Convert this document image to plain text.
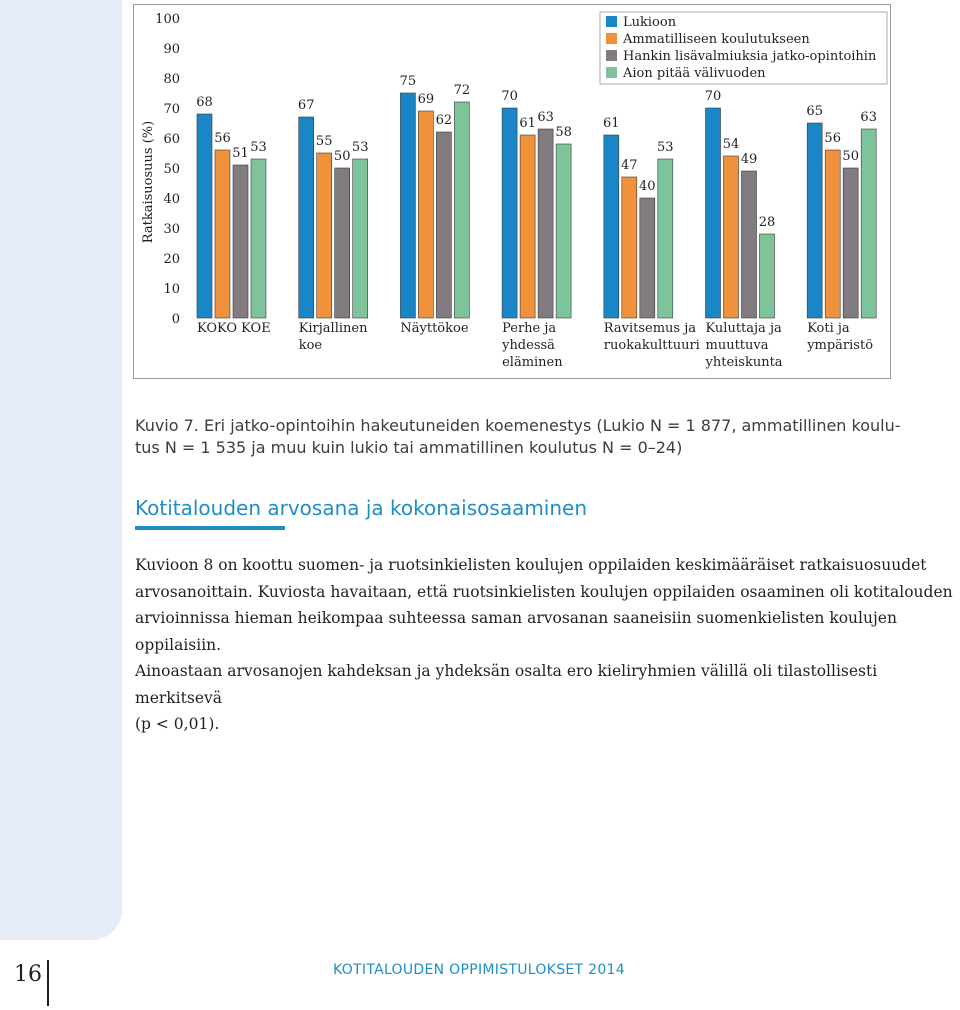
Ratkaisuosuus (%)
0
10
20
30
40
50
60
70
80
90
100
68
56
51 53
67
55
50
53
75
69
62
72 70
61 63
58
61
47
40
53
70
54
49
28
65
56
50
63
KOKO KOE Kirjallinen
koe
Näyttökoe	Perhe ja
yhdessä
eläminen
Ravitsemus ja
ruokakulttuuri
Kuluttaja ja
muuttuva
yhteiskunta
Koti ja
ympäristö
Lukioon
Ammatilliseen koulutukseen
Hankin lisävalmiuksia jatko-opintoihin
Aion pitää välivuoden
Kuvio 7. Eri jatko-opintoihin hakeutuneiden koemenestys (Lukio N = 1 877, ammatillinen koulu-
tus N = 1 535 ja muu kuin lukio tai ammatillinen koulutus N = 0–24)
Kotitalouden arvosana ja kokonaisosaaminen
Kuvioon 8 on koottu suomen- ja ruotsinkielisten koulujen oppilaiden keskimääräiset ratkaisuosuudet
arvosanoittain. Kuviosta havaitaan, että ruotsinkielisten koulujen oppilaiden osaaminen oli kotitalouden
arvioinnissa hieman heikompaa suhteessa saman arvosanan saaneisiin suomenkielisten koulujen oppilaisiin.
Ainoastaan arvosanojen kahdeksan ja yhdeksän osalta ero kieliryhmien välillä oli tilastollisesti merkitsevä
(p < 0,01).
16	KOTITALOUDEN OPPIMISTULOKSET 2014
